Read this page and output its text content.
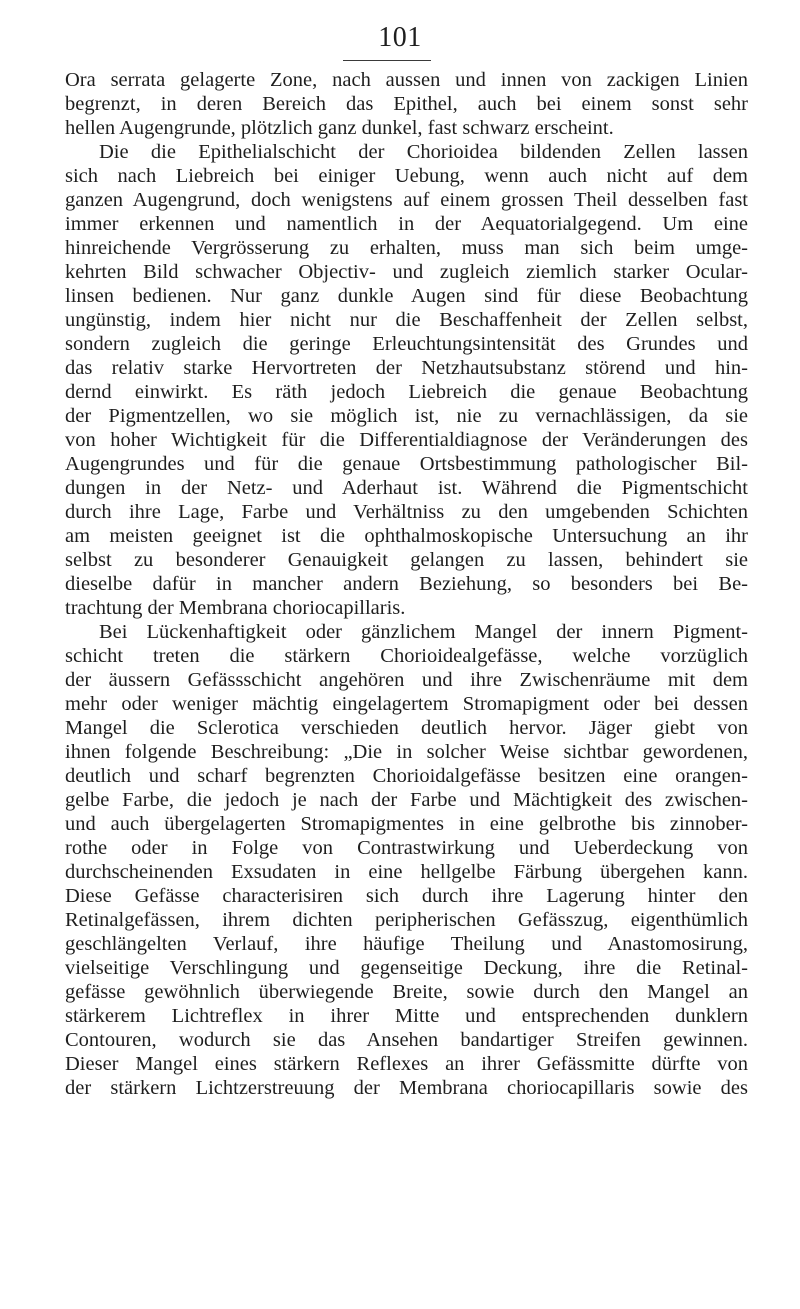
101
Ora serrata gelagerte Zone, nach aussen und innen von zackigen Linien
begrenzt, in deren Bereich das Epithel, auch bei einem sonst sehr
hellen Augengrunde, plötzlich ganz dunkel, fast schwarz erscheint.
Die die Epithelialschicht der Chorioidea bildenden Zellen lassen
sich nach Liebreich bei einiger Uebung, wenn auch nicht auf dem
ganzen Augengrund, doch wenigstens auf einem grossen Theil desselben fast
immer erkennen und namentlich in der Aequatorialgegend. Um eine
hinreichende Vergrösserung zu erhalten, muss man sich beim umge-
kehrten Bild schwacher Objectiv- und zugleich ziemlich starker Ocular-
linsen bedienen. Nur ganz dunkle Augen sind für diese Beobachtung
ungünstig, indem hier nicht nur die Beschaffenheit der Zellen selbst,
sondern zugleich die geringe Erleuchtungsintensität des Grundes und
das relativ starke Hervortreten der Netzhautsubstanz störend und hin-
dernd einwirkt. Es räth jedoch Liebreich die genaue Beobachtung
der Pigmentzellen, wo sie möglich ist, nie zu vernachlässigen, da sie
von hoher Wichtigkeit für die Differentialdiagnose der Veränderungen des
Augengrundes und für die genaue Ortsbestimmung pathologischer Bil-
dungen in der Netz- und Aderhaut ist. Während die Pigmentschicht
durch ihre Lage, Farbe und Verhältniss zu den umgebenden Schichten
am meisten geeignet ist die ophthalmoskopische Untersuchung an ihr
selbst zu besonderer Genauigkeit gelangen zu lassen, behindert sie
dieselbe dafür in mancher andern Beziehung, so besonders bei Be-
trachtung der Membrana choriocapillaris.
Bei Lückenhaftigkeit oder gänzlichem Mangel der innern Pigment-
schicht treten die stärkern Chorioidealgefässe, welche vorzüglich
der äussern Gefässschicht angehören und ihre Zwischenräume mit dem
mehr oder weniger mächtig eingelagertem Stromapigment oder bei dessen
Mangel die Sclerotica verschieden deutlich hervor. Jäger giebt von
ihnen folgende Beschreibung: „Die in solcher Weise sichtbar gewordenen,
deutlich und scharf begrenzten Chorioidalgefässe besitzen eine orangen-
gelbe Farbe, die jedoch je nach der Farbe und Mächtigkeit des zwischen-
und auch übergelagerten Stromapigmentes in eine gelbrothe bis zinnober-
rothe oder in Folge von Contrastwirkung und Ueberdeckung von
durchscheinenden Exsudaten in eine hellgelbe Färbung übergehen kann.
Diese Gefässe characterisiren sich durch ihre Lagerung hinter den
Retinalgefässen, ihrem dichten peripherischen Gefässzug, eigenthümlich
geschlängelten Verlauf, ihre häufige Theilung und Anastomosirung,
vielseitige Verschlingung und gegenseitige Deckung, ihre die Retinal-
gefässe gewöhnlich überwiegende Breite, sowie durch den Mangel an
stärkerem Lichtreflex in ihrer Mitte und entsprechenden dunklern
Contouren, wodurch sie das Ansehen bandartiger Streifen gewinnen.
Dieser Mangel eines stärkern Reflexes an ihrer Gefässmitte dürfte von
der stärkern Lichtzerstreuung der Membrana choriocapillaris sowie des
